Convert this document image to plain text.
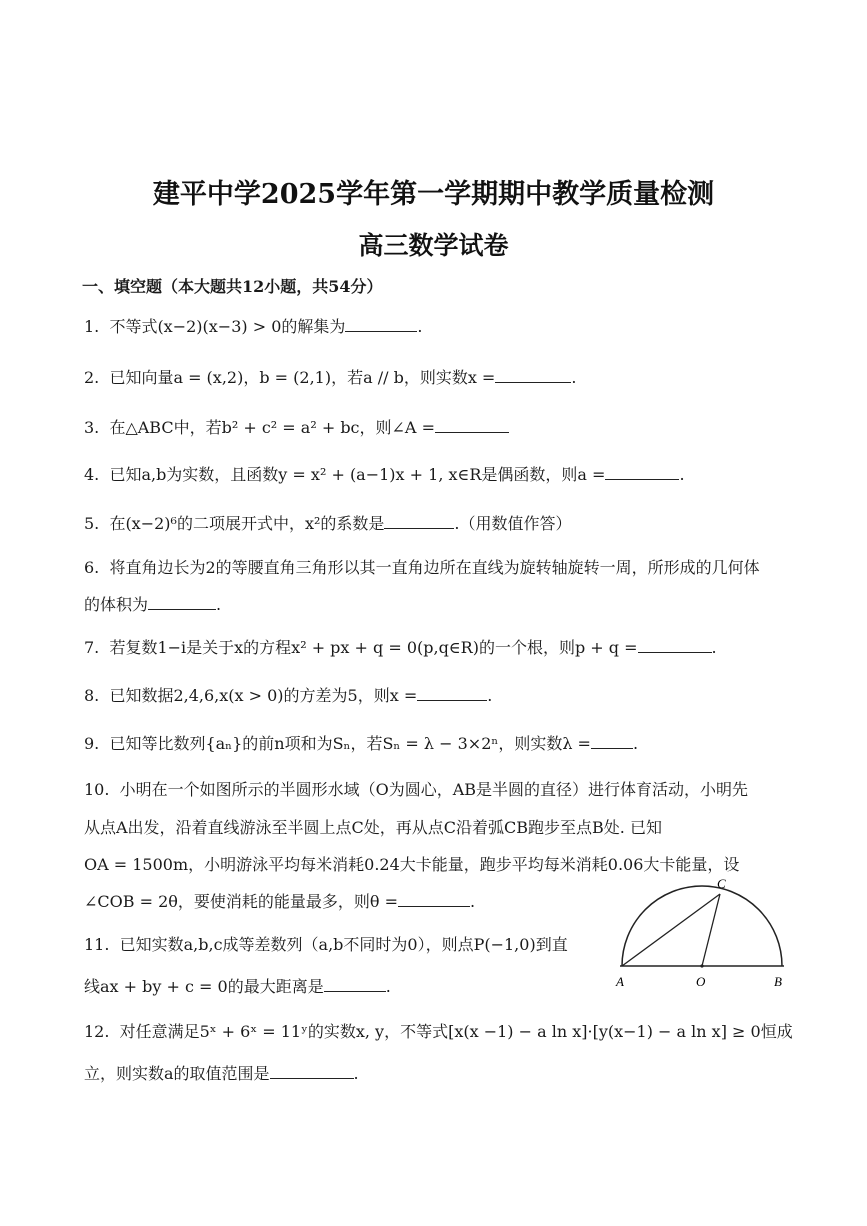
建平中学2025学年第一学期期中教学质量检测
高三数学试卷
一、填空题（本大题共12小题，共54分）
1. 不等式(x−2)(x−3) > 0的解集为	.
2. 已知向量a = (x,2)，b = (2,1)，若a // b，则实数x =	.
3. 在△ABC中，若b² + c² = a² + bc，则∠A =
4. 已知a,b为实数，且函数y = x² + (a−1)x + 1, x∈R是偶函数，则a =	.
5. 在(x−2)⁶的二项展开式中，x²的系数是	.（用数值作答）
6. 将直角边长为2的等腰直角三角形以其一直角边所在直线为旋转轴旋转一周，所形成的几何体
的体积为	.
7. 若复数1−i是关于x的方程x² + px + q = 0(p,q∈R)的一个根，则p + q =	.
8. 已知数据2,4,6,x(x > 0)的方差为5，则x =	.
9. 已知等比数列{aₙ}的前n项和为Sₙ，若Sₙ = λ − 3×2ⁿ，则实数λ =	.
10. 小明在一个如图所示的半圆形水域（O为圆心，AB是半圆的直径）进行体育活动，小明先
从点A出发，沿着直线游泳至半圆上点C处，再从点C沿着弧CB跑步至点B处. 已知
OA = 1500m，小明游泳平均每米消耗0.24大卡能量，跑步平均每米消耗0.06大卡能量，设
∠COB = 2θ，要使消耗的能量最多，则θ =	.
11. 已知实数a,b,c成等差数列（a,b不同时为0），则点P(−1,0)到直
线ax + by + c = 0的最大距离是	.
12. 对任意满足5ˣ + 6ˣ = 11ʸ的实数x, y，不等式[x(x −1) − a ln x]·[y(x−1) − a ln x] ≥ 0恒成
立，则实数a的取值范围是	.
A	O	B
C
